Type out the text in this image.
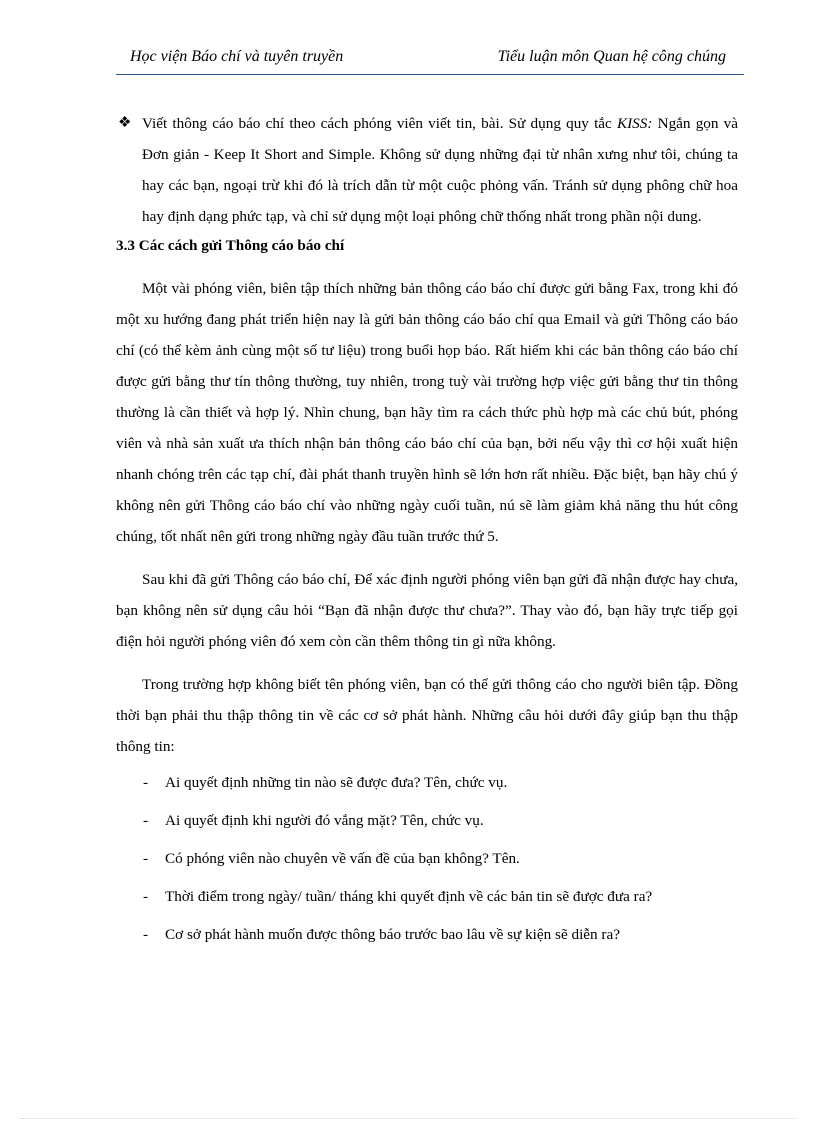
Học viện Báo chí và tuyên truyền	Tiểu luận môn Quan hệ công chúng

❖ Viết thông cáo báo chí theo cách phóng viên viết tin, bài. Sử dụng quy tắc KISS: Ngắn gọn và Đơn giản - Keep It Short and Simple. Không sử dụng những đại từ nhân xưng như tôi, chúng ta hay các bạn, ngoại trừ khi đó là trích dẫn từ một cuộc phỏng vấn. Tránh sử dụng phông chữ hoa hay định dạng phức tạp, và chỉ sử dụng một loại phông chữ thống nhất trong phần nội dung.

3.3 Các cách gửi Thông cáo báo chí

Một vài phóng viên, biên tập thích những bản thông cáo báo chí được gửi bằng Fax, trong khi đó một xu hướng đang phát triển hiện nay là gửi bản thông cáo báo chí qua Email và gửi Thông cáo báo chí (có thể kèm ảnh cùng một số tư liệu) trong buổi họp báo. Rất hiếm khi các bản thông cáo báo chí được gửi bằng thư tín thông thường, tuy nhiên, trong tuỳ vài trường hợp việc gửi bằng thư tin thông thường là cần thiết và hợp lý. Nhìn chung, bạn hãy tìm ra cách thức phù hợp mà các chủ bút, phóng viên và nhà sản xuất ưa thích nhận bản thông cáo báo chí của bạn, bởi nếu vậy thì cơ hội xuất hiện nhanh chóng trên các tạp chí, đài phát thanh truyền hình sẽ lớn hơn rất nhiều. Đặc biệt, bạn hãy chú ý không nên gửi Thông cáo báo chí vào những ngày cuối tuần, nú sẽ làm giảm khả năng thu hút công chúng, tốt nhất nên gửi trong những ngày đầu tuần trước thứ 5.

Sau khi đã gửi Thông cáo báo chí, Để xác định người phóng viên bạn gửi đã nhận được hay chưa, bạn không nên sử dụng câu hỏi “Bạn đã nhận được thư chưa?”. Thay vào đó, bạn hãy trực tiếp gọi điện hỏi người phóng viên đó xem còn cần thêm thông tin gì nữa không.

Trong trường hợp không biết tên phóng viên, bạn có thể gửi thông cáo cho người biên tập. Đồng thời bạn phải thu thập thông tin về các cơ sở phát hành. Những câu hỏi dưới đây giúp bạn thu thập thông tin:

- Ai quyết định những tin nào sẽ được đưa? Tên, chức vụ.
- Ai quyết định khi người đó vắng mặt? Tên, chức vụ.
- Có phóng viên nào chuyên về vấn đề của bạn không? Tên.
- Thời điểm trong ngày/ tuần/ tháng khi quyết định về các bản tin sẽ được đưa ra?
- Cơ sở phát hành muốn được thông báo trước bao lâu về sự kiện sẽ diễn ra?
